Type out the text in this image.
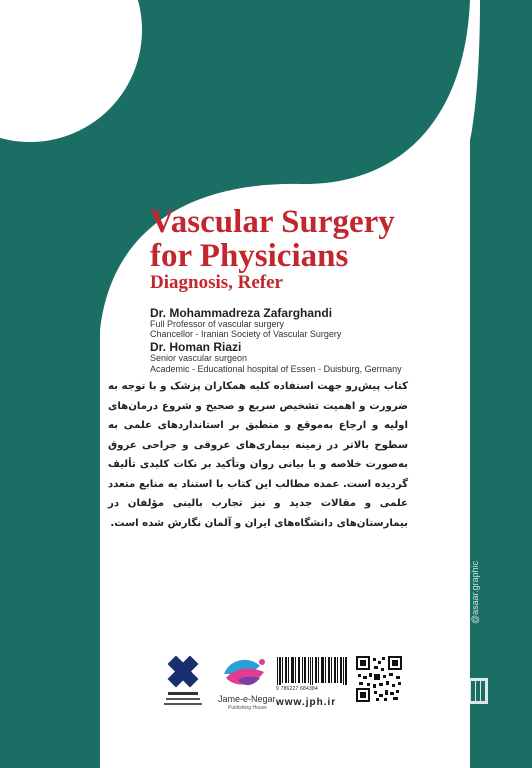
Vascular Surgery
for Physicians
Diagnosis, Refer
Dr. Mohammadreza Zafarghandi
Full Professor of vascular surgery
Chancellor - Iranian Society of Vascular Surgery
Dr. Homan Riazi
Senior vascular surgeon
Academic - Educational hospital of Essen - Duisburg, Germany
کتاب پیش‌رو جهت استفاده کلیه همکاران پزشک و با توجه به ضرورت و اهمیت تشخیص سریع و صحیح و شروع درمان‌های اولیه و ارجاع به‌موقع و منطبق بر استانداردهای علمی به سطوح بالاتر در زمینه بیماری‌های عروقی و جراحی عروق به‌صورت خلاصه و با بیانی روان وتأکید بر نکات کلیدی تألیف گردیده است. عمده مطالب این کتاب با استناد به منابع متعدد علمی و مقالات جدید و نیز تجارب بالینی مؤلفان در بیمارستان‌های دانشگاه‌های ایران و آلمان نگارش شده است.
Jame-e-Negar
Publishing House
9 786227 684384
www.jph.ir
@asaar.graphic
